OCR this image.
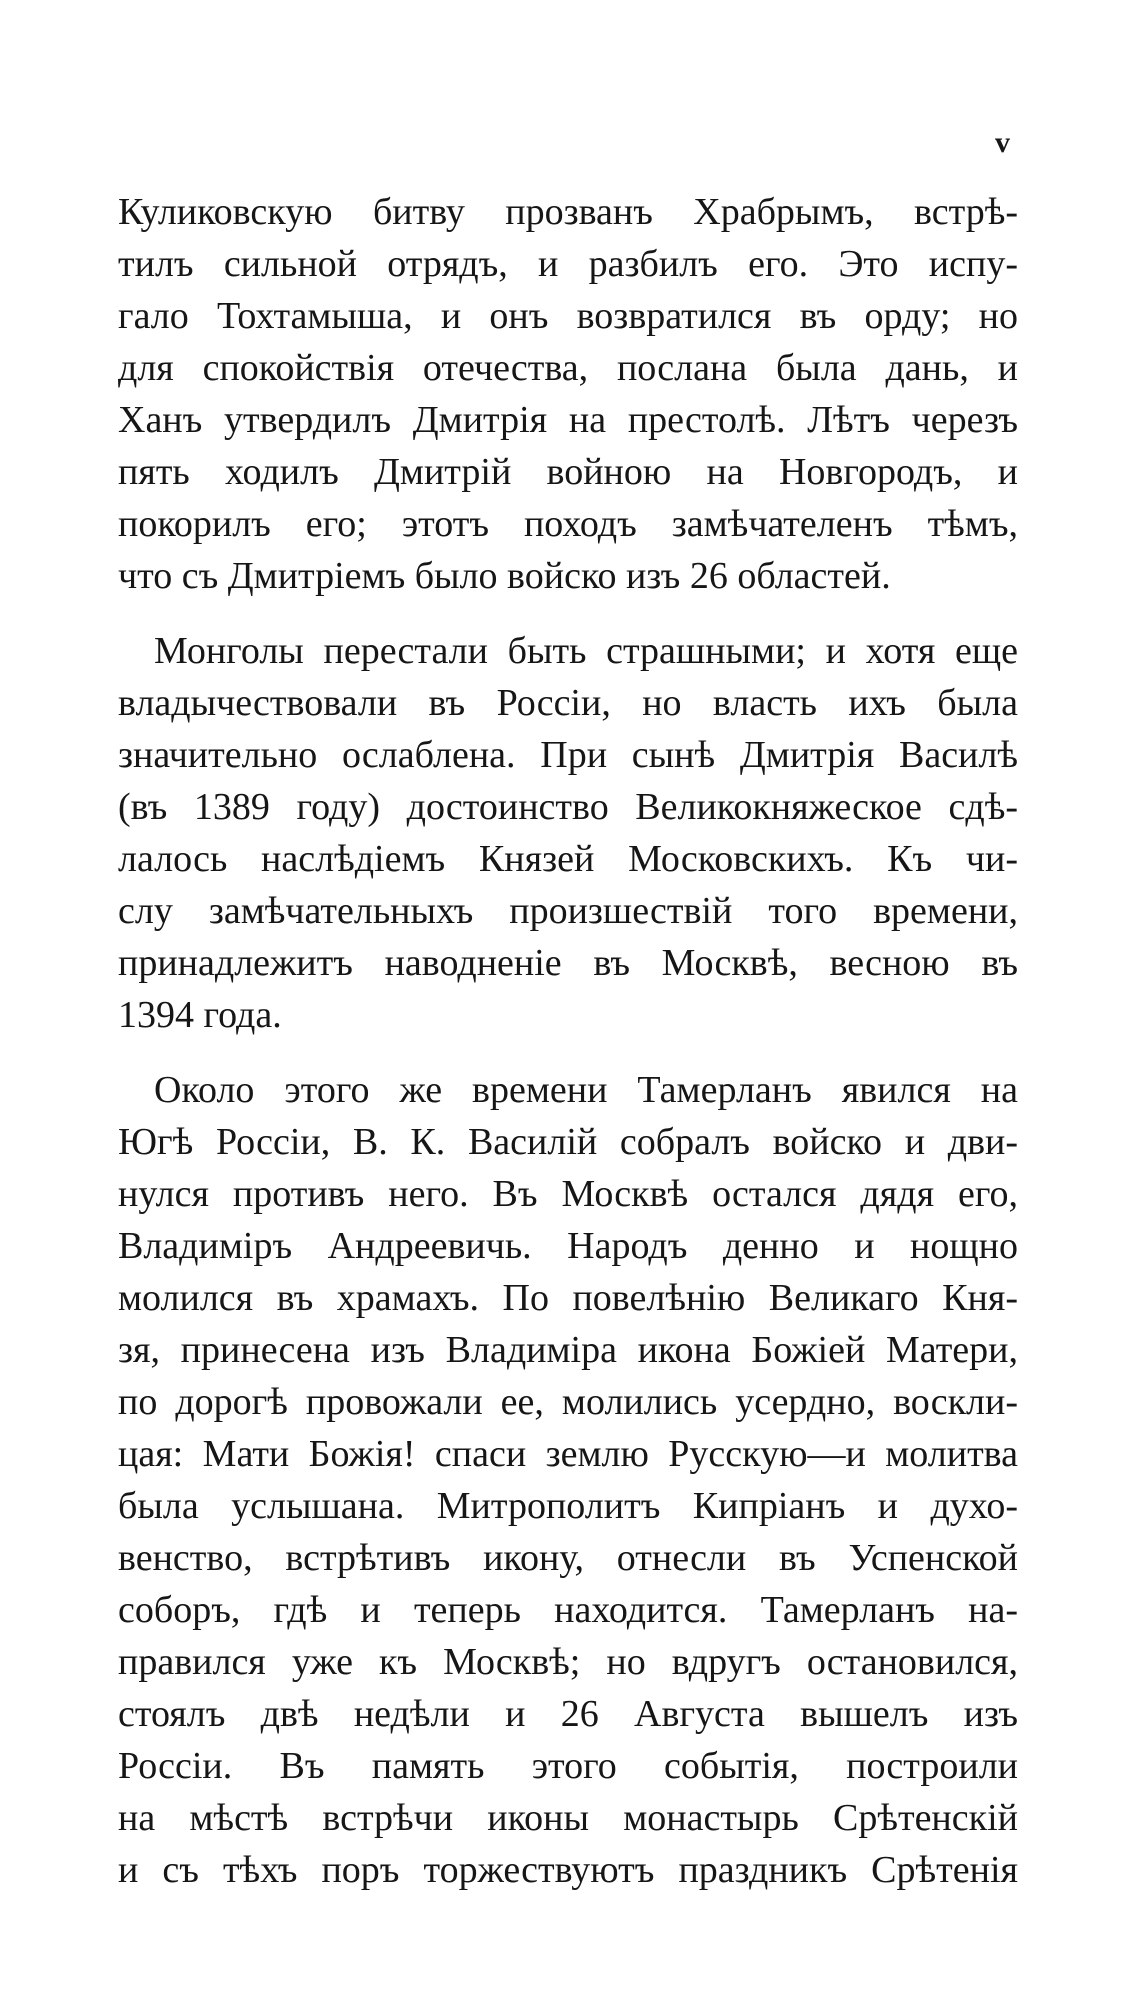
v
Куликовскую битву прозванъ Храбрымъ, встрѣ-
тилъ сильной отрядъ, и разбилъ его. Это испу-
гало Тохтамыша, и онъ возвратился въ орду; но
для спокойствія отечества, послана была дань, и
Ханъ утвердилъ Дмитрія на престолѣ. Лѣтъ черезъ
пять ходилъ Дмитрій войною на Новгородъ, и
покорилъ его; этотъ походъ замѣчателенъ тѣмъ,
что съ Дмитріемъ было войско изъ 26 областей.
Монголы перестали быть страшными; и хотя еще
владычествовали въ Россіи, но власть ихъ была
значительно ослаблена. При сынѣ Дмитрія Василѣ
(въ 1389 году) достоинство Великокняжеское сдѣ-
лалось наслѣдіемъ Князей Московскихъ. Къ чи-
слу замѣчательныхъ произшествій того времени,
принадлежитъ наводненіе въ Москвѣ, весною въ
1394 года.
Около этого же времени Тамерланъ явился на
Югѣ Россіи, В. К. Василій собралъ войско и дви-
нулся противъ него. Въ Москвѣ остался дядя его,
Владиміръ Андреевичь. Народъ денно и нощно
молился въ храмахъ. По повелѣнію Великаго Кня-
зя, принесена изъ Владиміра икона Божіей Матери,
по дорогѣ провожали ее, молились усердно, воскли-
цая: Мати Божія! спаси землю Русскую—и молитва
была услышана. Митрополитъ Кипріанъ и духо-
венство, встрѣтивъ икону, отнесли въ Успенской
соборъ, гдѣ и теперь находится. Тамерланъ на-
правился уже къ Москвѣ; но вдругъ остановился,
стоялъ двѣ недѣли и 26 Августа вышелъ изъ
Россіи. Въ память этого событія, построили
на мѣстѣ встрѣчи иконы монастырь Срѣтенскій
и съ тѣхъ поръ торжествуютъ праздникъ Срѣтенія
